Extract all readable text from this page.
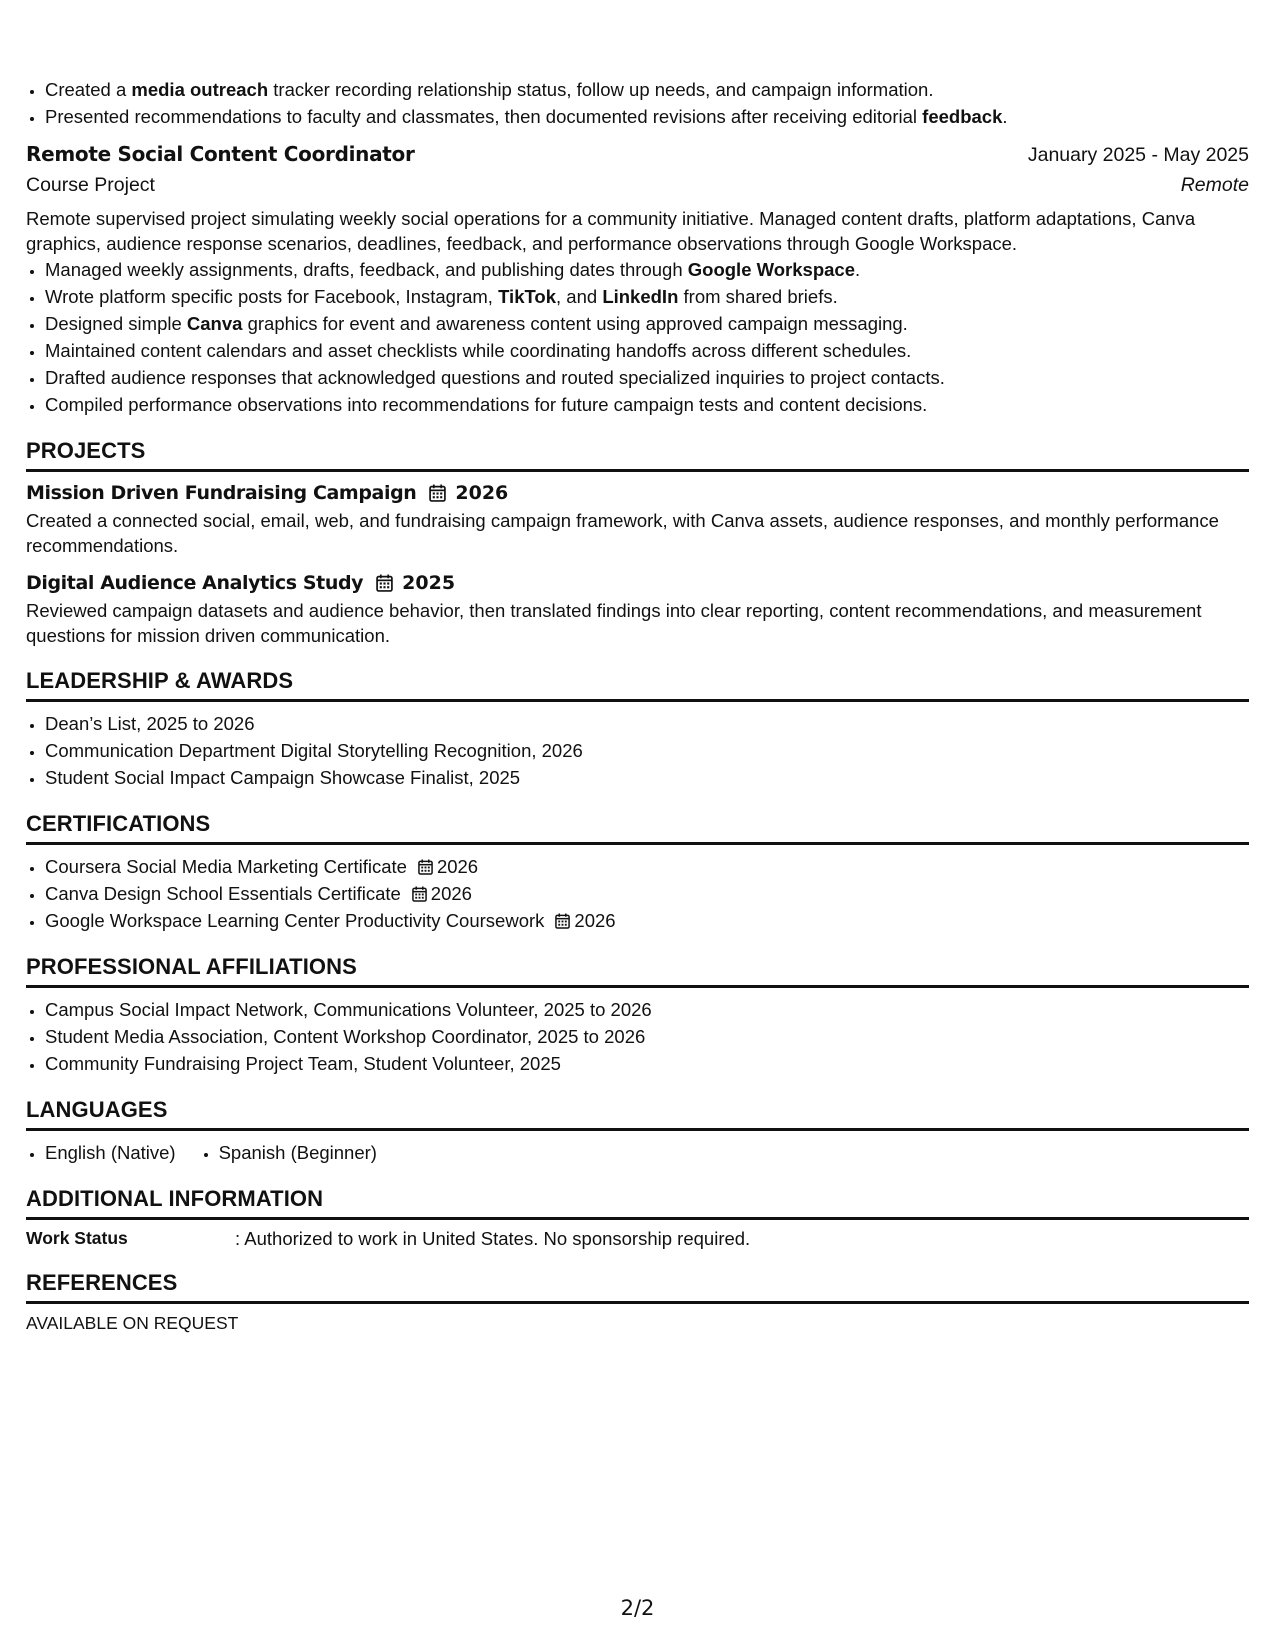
• Created a media outreach tracker recording relationship status, follow up needs, and campaign information.
• Presented recommendations to faculty and classmates, then documented revisions after receiving editorial feedback.
Remote Social Content Coordinator	January 2025 - May 2025
Course Project	Remote
Remote supervised project simulating weekly social operations for a community initiative. Managed content drafts, platform adaptations, Canva graphics, audience response scenarios, deadlines, feedback, and performance observations through Google Workspace.
• Managed weekly assignments, drafts, feedback, and publishing dates through Google Workspace.
• Wrote platform specific posts for Facebook, Instagram, TikTok, and LinkedIn from shared briefs.
• Designed simple Canva graphics for event and awareness content using approved campaign messaging.
• Maintained content calendars and asset checklists while coordinating handoffs across different schedules.
• Drafted audience responses that acknowledged questions and routed specialized inquiries to project contacts.
• Compiled performance observations into recommendations for future campaign tests and content decisions.
PROJECTS
Mission Driven Fundraising Campaign 2026
Created a connected social, email, web, and fundraising campaign framework, with Canva assets, audience responses, and monthly performance recommendations.
Digital Audience Analytics Study 2025
Reviewed campaign datasets and audience behavior, then translated findings into clear reporting, content recommendations, and measurement questions for mission driven communication.
LEADERSHIP & AWARDS
• Dean’s List, 2025 to 2026
• Communication Department Digital Storytelling Recognition, 2026
• Student Social Impact Campaign Showcase Finalist, 2025
CERTIFICATIONS
• Coursera Social Media Marketing Certificate 2026
• Canva Design School Essentials Certificate 2026
• Google Workspace Learning Center Productivity Coursework 2026
PROFESSIONAL AFFILIATIONS
• Campus Social Impact Network, Communications Volunteer, 2025 to 2026
• Student Media Association, Content Workshop Coordinator, 2025 to 2026
• Community Fundraising Project Team, Student Volunteer, 2025
LANGUAGES
• English (Native)
• Spanish (Beginner)
ADDITIONAL INFORMATION
Work Status	: Authorized to work in United States. No sponsorship required.
REFERENCES
AVAILABLE ON REQUEST
2/2
